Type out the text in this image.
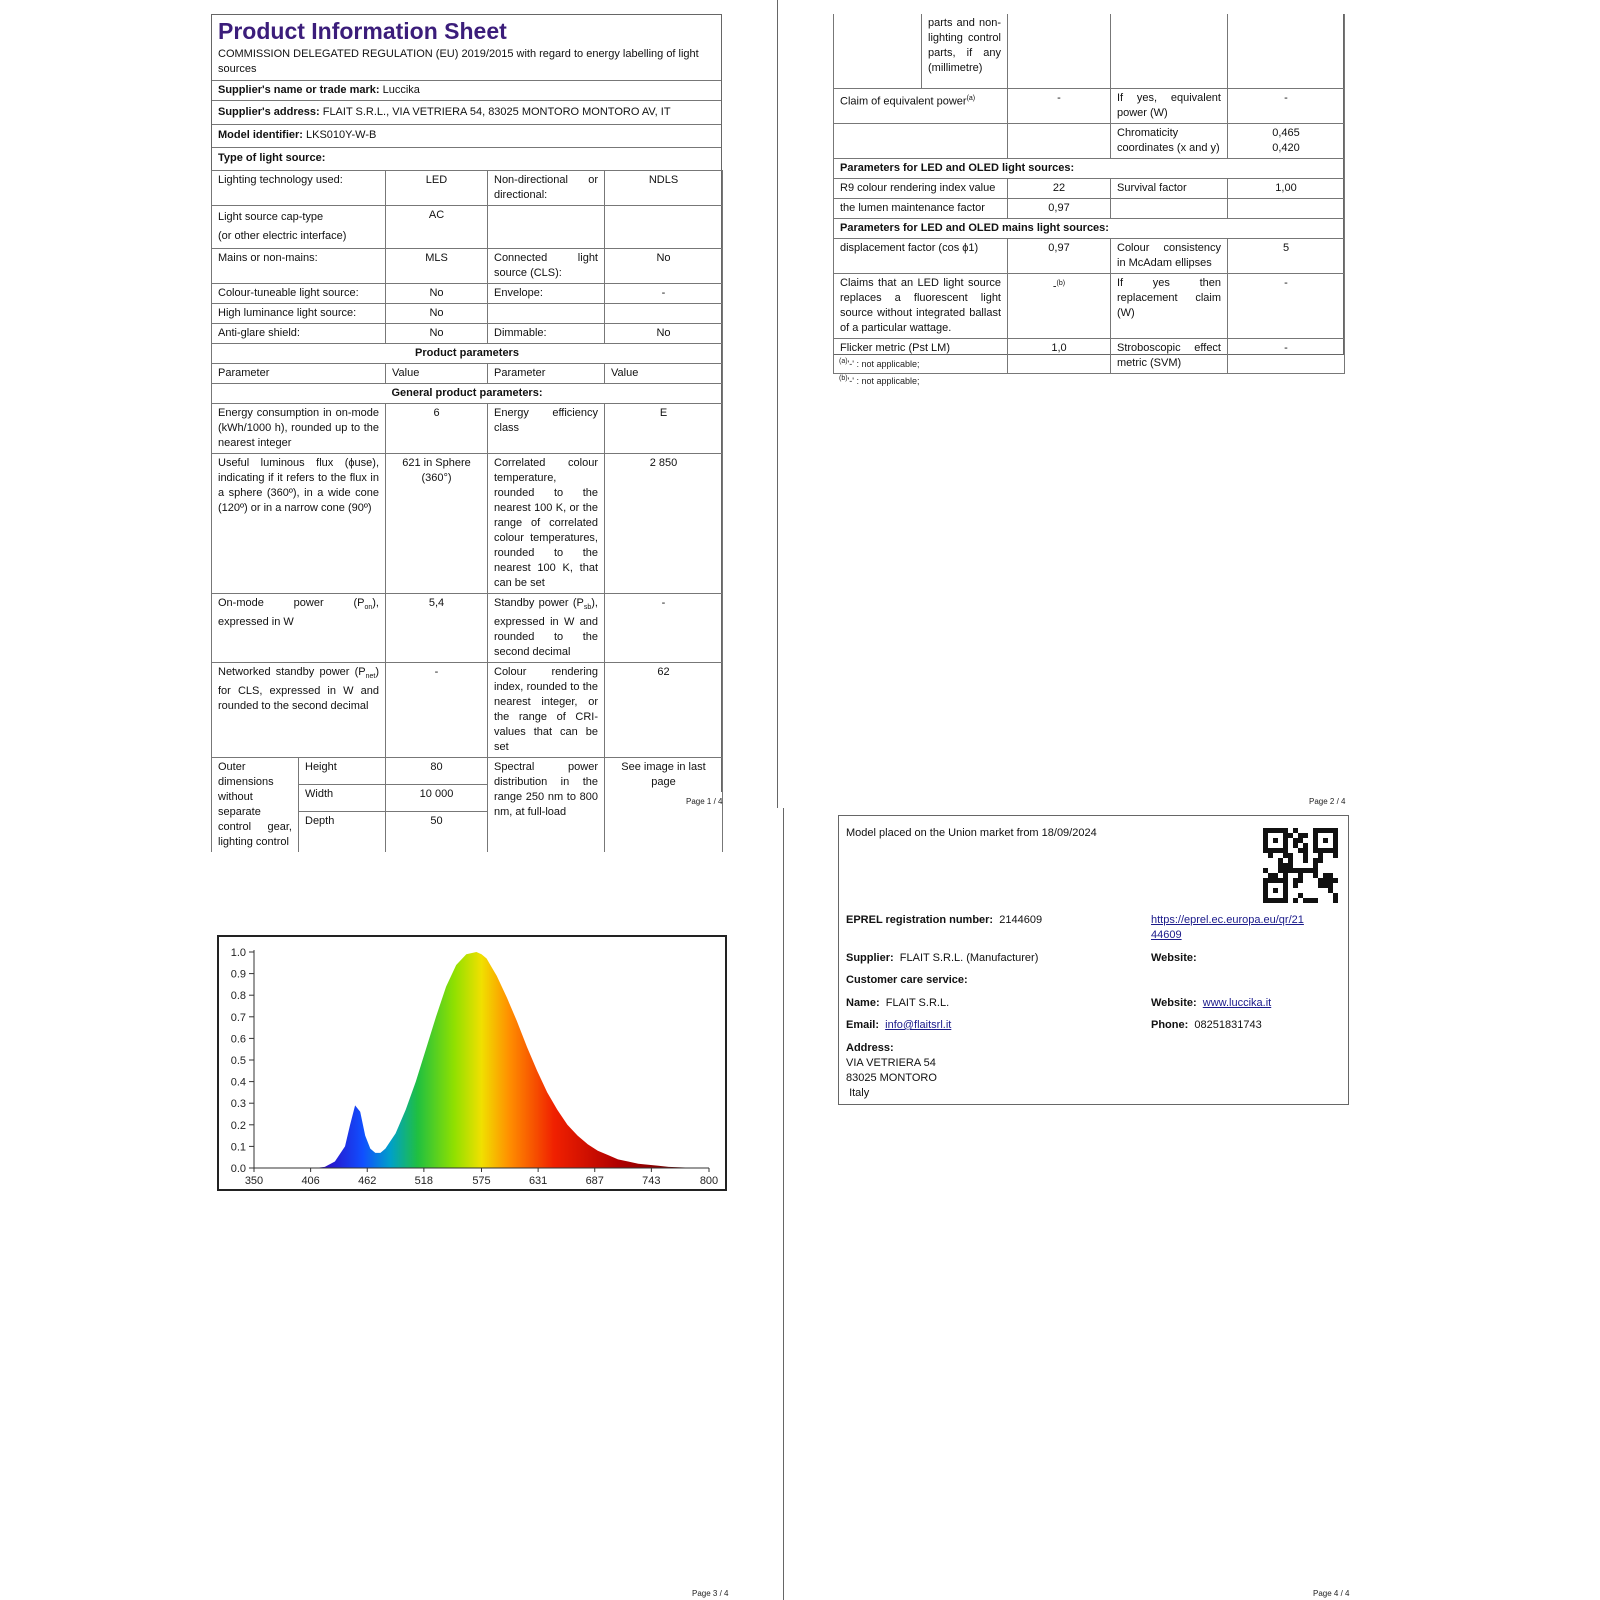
Product Information Sheet
COMMISSION DELEGATED REGULATION (EU) 2019/2015 with regard to energy labelling of light sources
Supplier's name or trade mark: Luccika
Supplier's address: FLAIT S.R.L., VIA VETRIERA 54, 83025 MONTORO MONTORO AV, IT
Model identifier: LKS010Y-W-B
Type of light source:
Lighting technology used:	LED	Non-directional or directional:	NDLS
Light source cap-type
(or other electric interface)	AC		
Mains or non-mains:	MLS	Connected light source (CLS):	No
Colour-tuneable light source:	No	Envelope:	-
High luminance light source:	No		
Anti-glare shield:	No	Dimmable:	No
Product parameters			
Parameter	Value	Parameter	Value
General product parameters:			
Energy consumption in on-mode (kWh/1000 h), rounded up to the nearest integer	6	Energy efficiency class	E
Useful luminous flux (ϕuse), indicating if it refers to the flux in a sphere (360º), in a wide cone (120º) or in a narrow cone (90º)	621 in Sphere (360°)	Correlated colour temperature, rounded to the nearest 100 K, or the range of correlated colour temperatures, rounded to the nearest 100 K, that can be set	2 850
On-mode power $(P_{on})$, expressed in W	5,4	Standby power $(P_{sb})$, expressed in W and rounded to the second decimal	-
Networked standby power $(P_{net})$ for CLS, expressed in W and rounded to the second decimal	-	Colour rendering index, rounded to the nearest integer, or the range of CRI-values that can be set	62
Outer dimensions without separate control gear, lighting control	Height	80	Spectral power distribution in the range 250 nm to 800 nm, at full-load	See image in last page
	Width	10 000		
	Depth	50		
Page 1 / 4
	parts and non-lighting control parts, if any (millimetre)			
Claim of equivalent power$^{(a)}$	-	If yes, equivalent power (W)	-
		Chromaticity coordinates (x and y)	0,465
0,420
Parameters for LED and OLED light sources:			
R9 colour rendering index value	22	Survival factor	1,00
the lumen maintenance factor	0,97		
Parameters for LED and OLED mains light sources:			
displacement factor (cos ϕ1)	0,97	Colour consistency in McAdam ellipses	5
Claims that an LED light source replaces a fluorescent light source without integrated ballast of a particular wattage.	-$^{(b)}$	If yes then replacement claim (W)	-
Flicker metric (Pst LM)	1,0	Stroboscopic effect metric (SVM)	-
$^{(a)}$'-' : not applicable;
$^{(b)}$'-' : not applicable;
Page 2 / 4
0.0
0.1
0.2
0.3
0.4
0.5
0.6
0.7
0.8
0.9
1.0
350	406	462	518	575	631	687	743	800
Page 3 / 4
Model placed on the Union market from 18/09/2024
EPREL registration number: 2144609	https://eprel.ec.europa.eu/qr/21
44609
Supplier: FLAIT S.R.L. (Manufacturer)	Website:
Customer care service:
Name: FLAIT S.R.L.	Website: www.luccika.it
Email: info@flaitsrl.it	Phone: 08251831743
Address:
VIA VETRIERA 54
83025 MONTORO
Italy
Page 4 / 4
